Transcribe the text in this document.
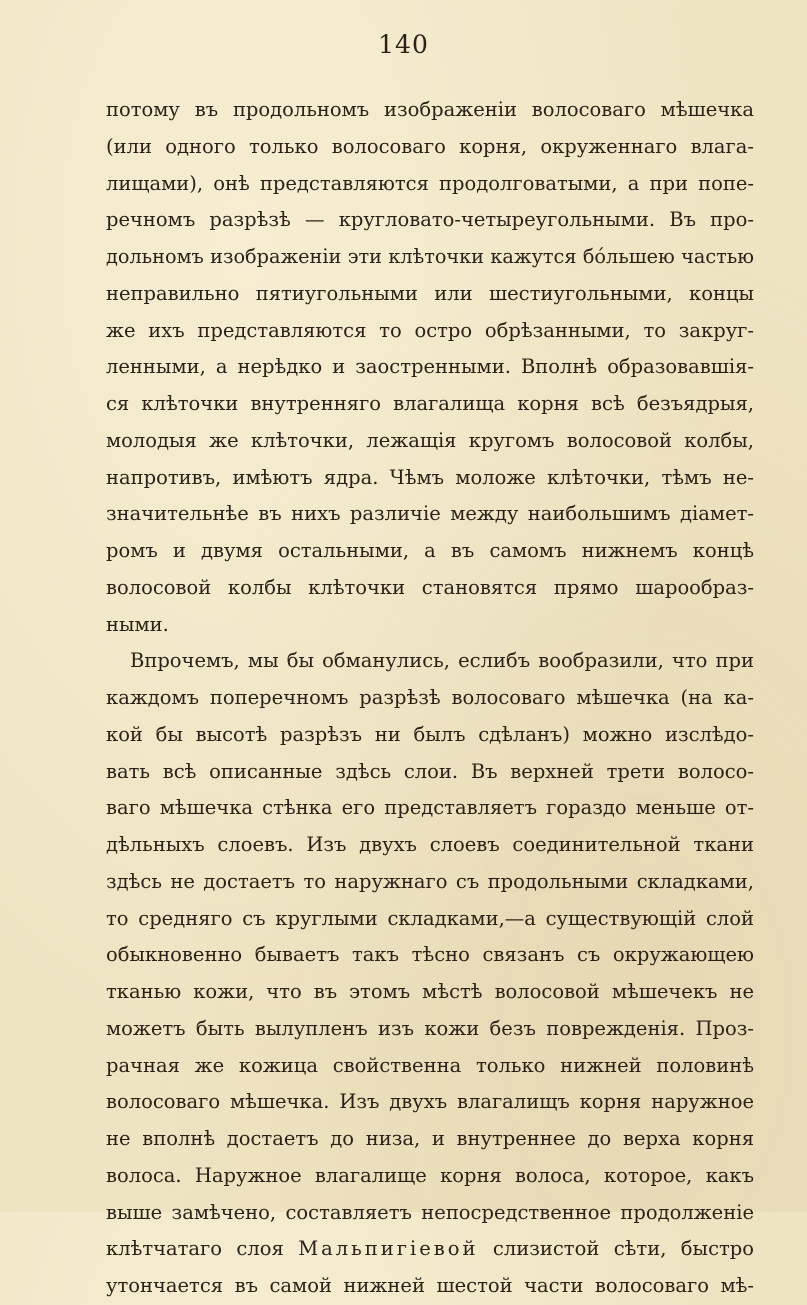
140
потому въ продольномъ изображеніи волосоваго мѣшечка
(или одного только волосоваго корня, окруженнаго влага-
лищами), онѣ представляются продолговатыми, а при попе-
речномъ разрѣзѣ — кругловато-четыреугольными. Въ про-
дольномъ изображеніи эти клѣточки кажутся бóльшею частью
неправильно пятиугольными или шестиугольными, концы
же ихъ представляются то остро обрѣзанными, то закруг-
ленными, а нерѣдко и заостренными. Вполнѣ образовавшія-
ся клѣточки внутренняго влагалища корня всѣ безъядрыя,
молодыя же клѣточки, лежащія кругомъ волосовой колбы,
напротивъ, имѣютъ ядра. Чѣмъ моложе клѣточки, тѣмъ не-
значительнѣе въ нихъ различіе между наибольшимъ діамет-
ромъ и двумя остальными, а въ самомъ нижнемъ концѣ
волосовой колбы клѣточки становятся прямо шарообраз-
ными.
Впрочемъ, мы бы обманулись, еслибъ вообразили, что при
каждомъ поперечномъ разрѣзѣ волосоваго мѣшечка (на ка-
кой бы высотѣ разрѣзъ ни былъ сдѣланъ) можно изслѣдо-
вать всѣ описанные здѣсь слои. Въ верхней трети волосо-
ваго мѣшечка стѣнка его представляетъ гораздо меньше от-
дѣльныхъ слоевъ. Изъ двухъ слоевъ соединительной ткани
здѣсь не достаетъ то наружнаго съ продольными складками,
то средняго съ круглыми складками,—а существующій слой
обыкновенно бываетъ такъ тѣсно связанъ съ окружающею
тканью кожи, что въ этомъ мѣстѣ волосовой мѣшечекъ не
можетъ быть вылупленъ изъ кожи безъ поврежденія. Проз-
рачная же кожица свойственна только нижней половинѣ
волосоваго мѣшечка. Изъ двухъ влагалищъ корня наружное
не вполнѣ достаетъ до низа, и внутреннее до верха корня
волоса. Наружное влагалище корня волоса, которое, какъ
выше замѣчено, составляетъ непосредственное продолженіе
клѣтчатаго слоя Мальпигіевой слизистой сѣти, быстро
утончается въ самой нижней шестой части волосоваго мѣ-
